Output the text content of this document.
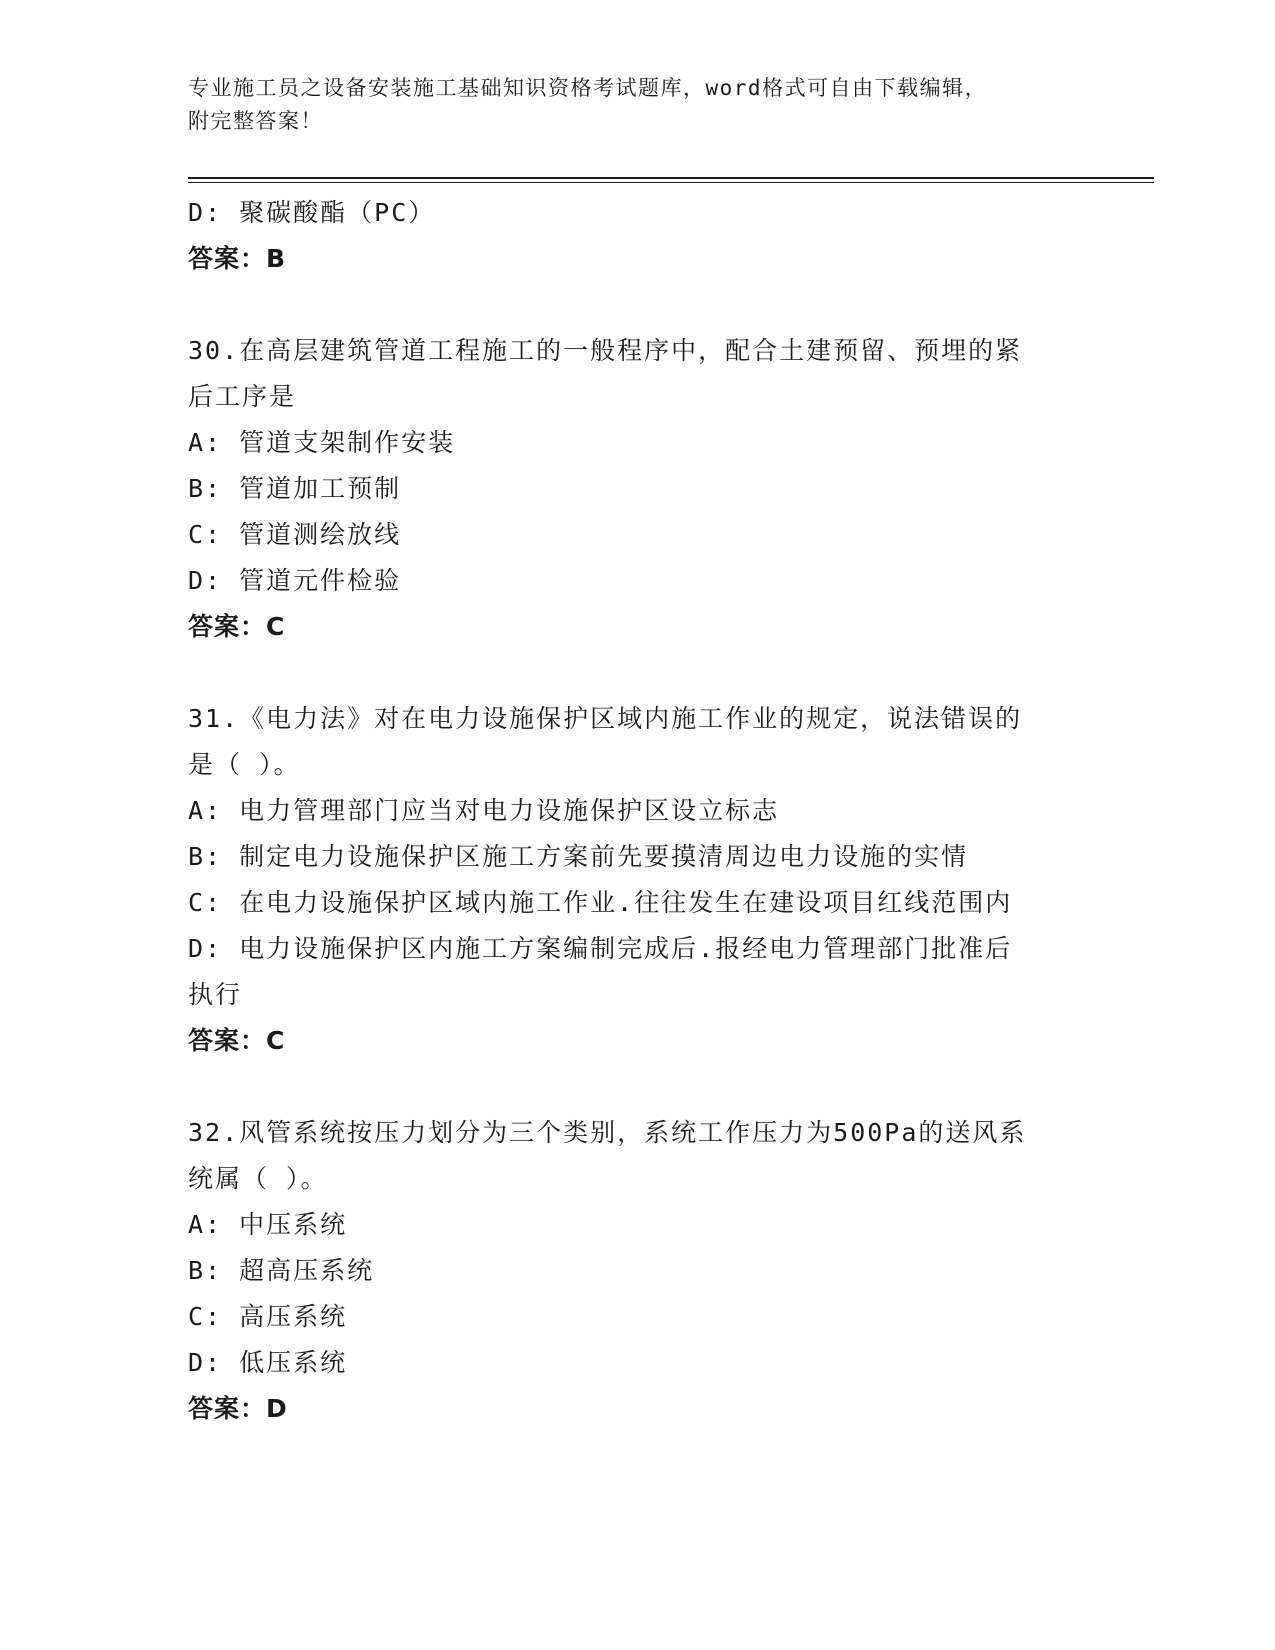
专业施工员之设备安装施工基础知识资格考试题库，word格式可自由下载编辑，
附完整答案！
D: 聚碳酸酯（PC）
答案：B
30.在高层建筑管道工程施工的一般程序中，配合土建预留、预埋的紧
后工序是
A: 管道支架制作安装
B: 管道加工预制
C: 管道测绘放线
D: 管道元件检验
答案：C
31.《电力法》对在电力设施保护区域内施工作业的规定，说法错误的
是（ ）。
A: 电力管理部门应当对电力设施保护区设立标志
B: 制定电力设施保护区施工方案前先要摸清周边电力设施的实情
C: 在电力设施保护区域内施工作业.往往发生在建设项目红线范围内
D: 电力设施保护区内施工方案编制完成后.报经电力管理部门批准后
执行
答案：C
32.风管系统按压力划分为三个类别，系统工作压力为500Pa的送风系
统属（ ）。
A: 中压系统
B: 超高压系统
C: 高压系统
D: 低压系统
答案：D
